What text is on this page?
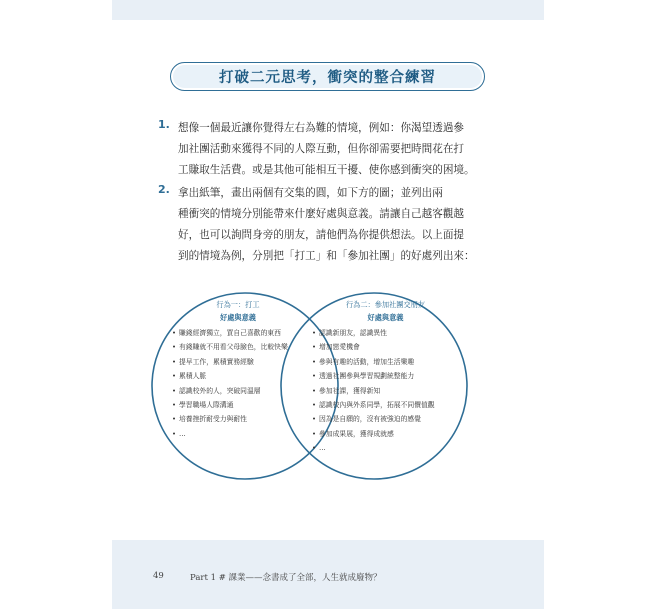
打破二元思考，衝突的整合練習
1. 想像一個最近讓你覺得左右為難的情境，例如：你渴望透過參
加社團活動來獲得不同的人際互動，但你卻需要把時間花在打
工賺取生活費。或是其他可能相互干擾、使你感到衝突的困境。
2. 拿出紙筆，畫出兩個有交集的圓，如下方的圖；並列出兩
種衝突的情境分別能帶來什麼好處與意義。請讓自己越客觀越
好，也可以詢問身旁的朋友，請他們為你提供想法。以上面提
到的情境為例，分別把「打工」和「參加社團」的好處列出來：
行為一：打工
好處與意義
行為二：參加社團交朋友
好處與意義
• 賺錢經濟獨立，買自己喜歡的東西
• 有錢賺就不用看父母臉色，比較快樂
• 提早工作，累積實務經驗
• 累積人脈
• 認識校外的人，突破同溫層
• 學習職場人際溝通
• 培養挫折耐受力與耐性
• …
• 認識新朋友，認識異性
• 增加戀愛機會
• 參與有趣的活動，增加生活樂趣
• 透過社團參與學習規劃統整能力
• 參加社課，獲得新知
• 認識校內與外系同學，拓展不同價值觀
• 因為是自願的，沒有被強迫的感覺
• 參加成果展，獲得成就感
• …
49	Part 1 # 課業——念書成了全部，人生就成廢物？
